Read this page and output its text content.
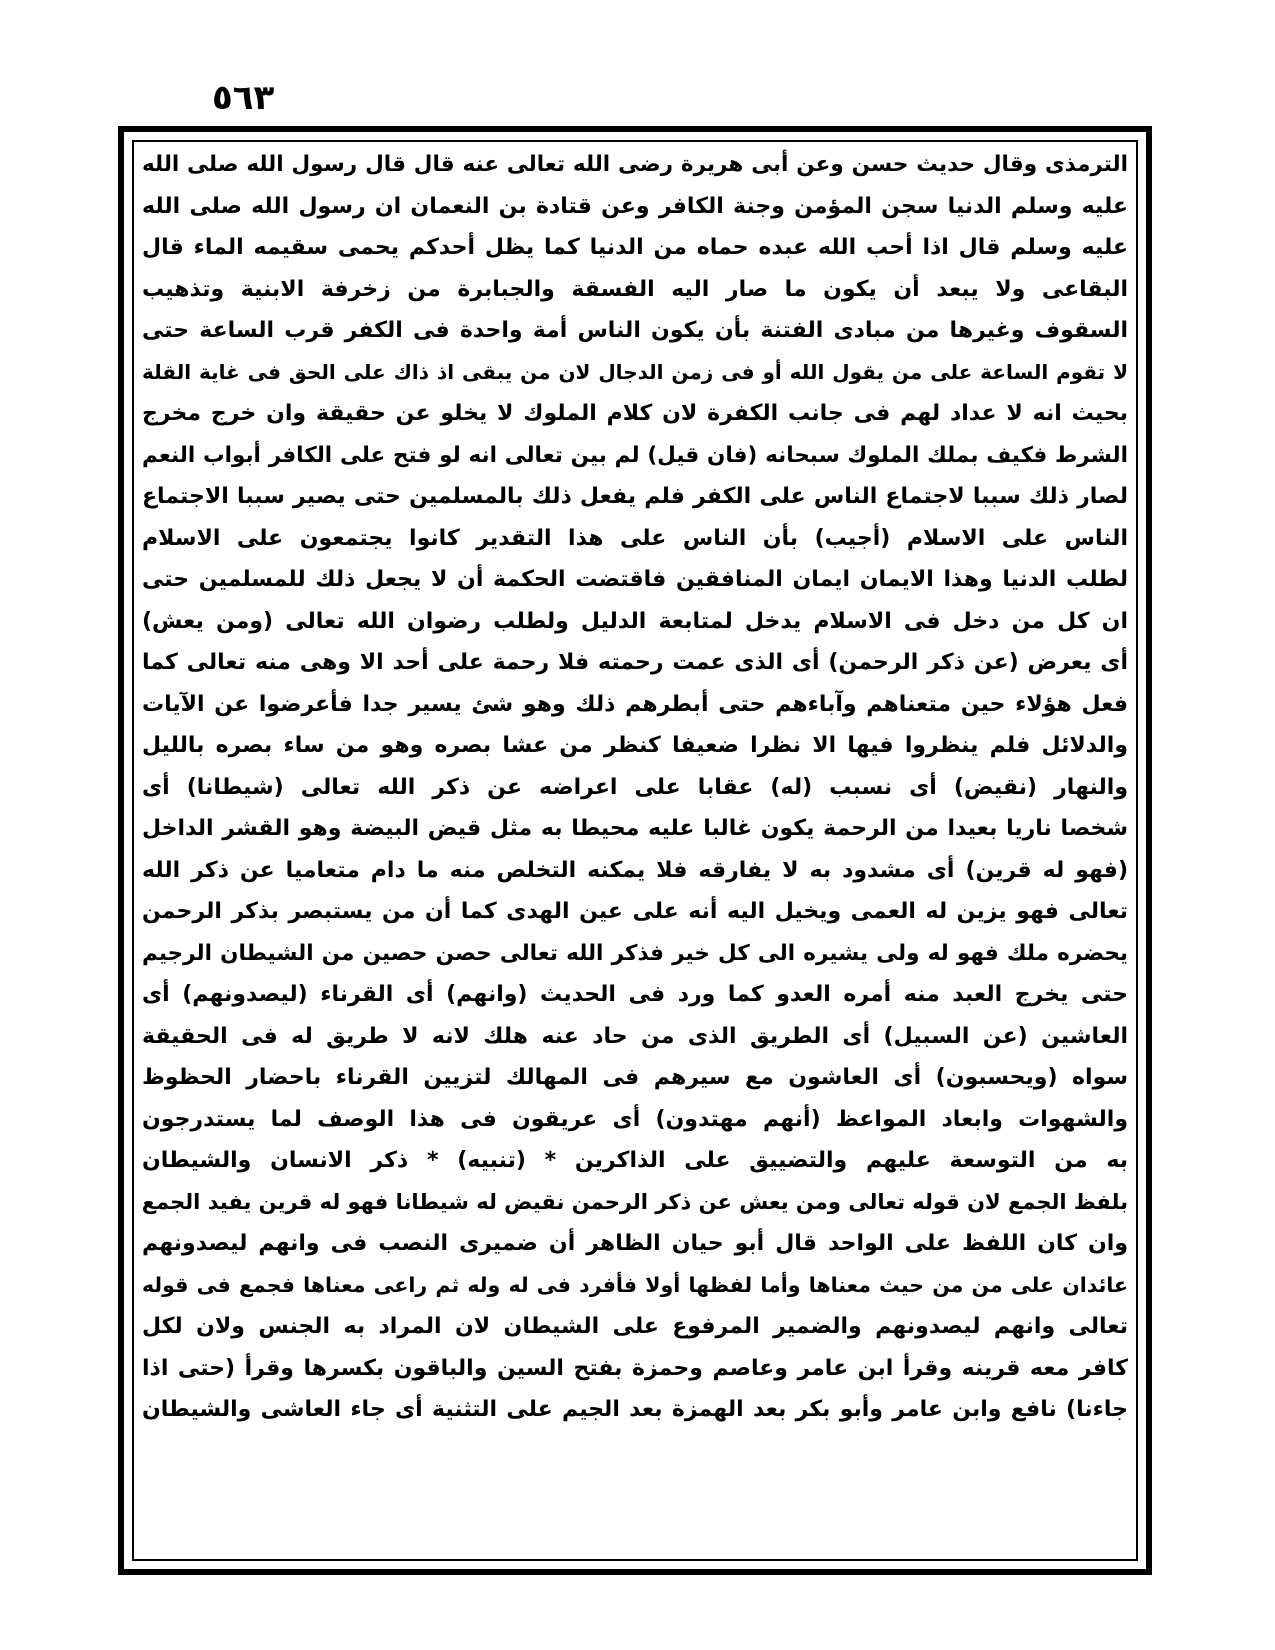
٥٦٣
الترمذى وقال حديث حسن وعن أبى هريرة رضى الله تعالى عنه قال قال رسول الله صلى الله
عليه وسلم الدنيا سجن المؤمن وجنة الكافر وعن قتادة بن النعمان ان رسول الله صلى الله
عليه وسلم قال اذا أحب الله عبده حماه من الدنيا كما يظل أحدكم يحمى سقيمه الماء قال
البقاعى ولا يبعد أن يكون ما صار اليه الفسقة والجبابرة من زخرفة الابنية وتذهيب
السقوف وغيرها من مبادى الفتنة بأن يكون الناس أمة واحدة فى الكفر قرب الساعة حتى
لا تقوم الساعة على من يقول الله أو فى زمن الدجال لان من يبقى اذ ذاك على الحق فى غاية القلة
بحيث انه لا عداد لهم فى جانب الكفرة لان كلام الملوك لا يخلو عن حقيقة وان خرج مخرج
الشرط فكيف بملك الملوك سبحانه (فان قيل) لم بين تعالى انه لو فتح على الكافر أبواب النعم
لصار ذلك سببا لاجتماع الناس على الكفر فلم يفعل ذلك بالمسلمين حتى يصير سببا الاجتماع
الناس على الاسلام (أجيب) بأن الناس على هذا التقدير كانوا يجتمعون على الاسلام
لطلب الدنيا وهذا الايمان ايمان المنافقين فاقتضت الحكمة أن لا يجعل ذلك للمسلمين حتى
ان كل من دخل فى الاسلام يدخل لمتابعة الدليل ولطلب رضوان الله تعالى (ومن يعش)
أى يعرض (عن ذكر الرحمن) أى الذى عمت رحمته فلا رحمة على أحد الا وهى منه تعالى كما
فعل هؤلاء حين متعناهم وآباءهم حتى أبطرهم ذلك وهو شئ يسير جدا فأعرضوا عن الآيات
والدلائل فلم ينظروا فيها الا نظرا ضعيفا كنظر من عشا بصره وهو من ساء بصره بالليل
والنهار (نقيض) أى نسبب (له) عقابا على اعراضه عن ذكر الله تعالى (شيطانا) أى
شخصا ناريا بعيدا من الرحمة يكون غالبا عليه محيطا به مثل قيض البيضة وهو القشر الداخل
(فهو له قرين) أى مشدود به لا يفارقه فلا يمكنه التخلص منه ما دام متعاميا عن ذكر الله
تعالى فهو يزين له العمى ويخيل اليه أنه على عين الهدى كما أن من يستبصر بذكر الرحمن
يحضره ملك فهو له ولى يشيره الى كل خير فذكر الله تعالى حصن حصين من الشيطان الرجيم
حتى يخرج العبد منه أمره العدو كما ورد فى الحديث (وانهم) أى القرناء (ليصدونهم) أى
العاشين (عن السبيل) أى الطريق الذى من حاد عنه هلك لانه لا طريق له فى الحقيقة
سواه (ويحسبون) أى العاشون مع سيرهم فى المهالك لتزيين القرناء باحضار الحظوظ
والشهوات وابعاد المواعظ (أنهم مهتدون) أى عريقون فى هذا الوصف لما يستدرجون
به من التوسعة عليهم والتضييق على الذاكرين * (تنبيه) * ذكر الانسان والشيطان
بلفظ الجمع لان قوله تعالى ومن يعش عن ذكر الرحمن نقيض له شيطانا فهو له قرين يفيد الجمع
وان كان اللفظ على الواحد قال أبو حيان الظاهر أن ضميرى النصب فى وانهم ليصدونهم
عائدان على من من حيث معناها وأما لفظها أولا فأفرد فى له وله ثم راعى معناها فجمع فى قوله
تعالى وانهم ليصدونهم والضمير المرفوع على الشيطان لان المراد به الجنس ولان لكل
كافر معه قرينه وقرأ ابن عامر وعاصم وحمزة بفتح السين والباقون بكسرها وقرأ (حتى اذا
جاءنا) نافع وابن عامر وأبو بكر بعد الهمزة بعد الجيم على التثنية أى جاء العاشى والشيطان
